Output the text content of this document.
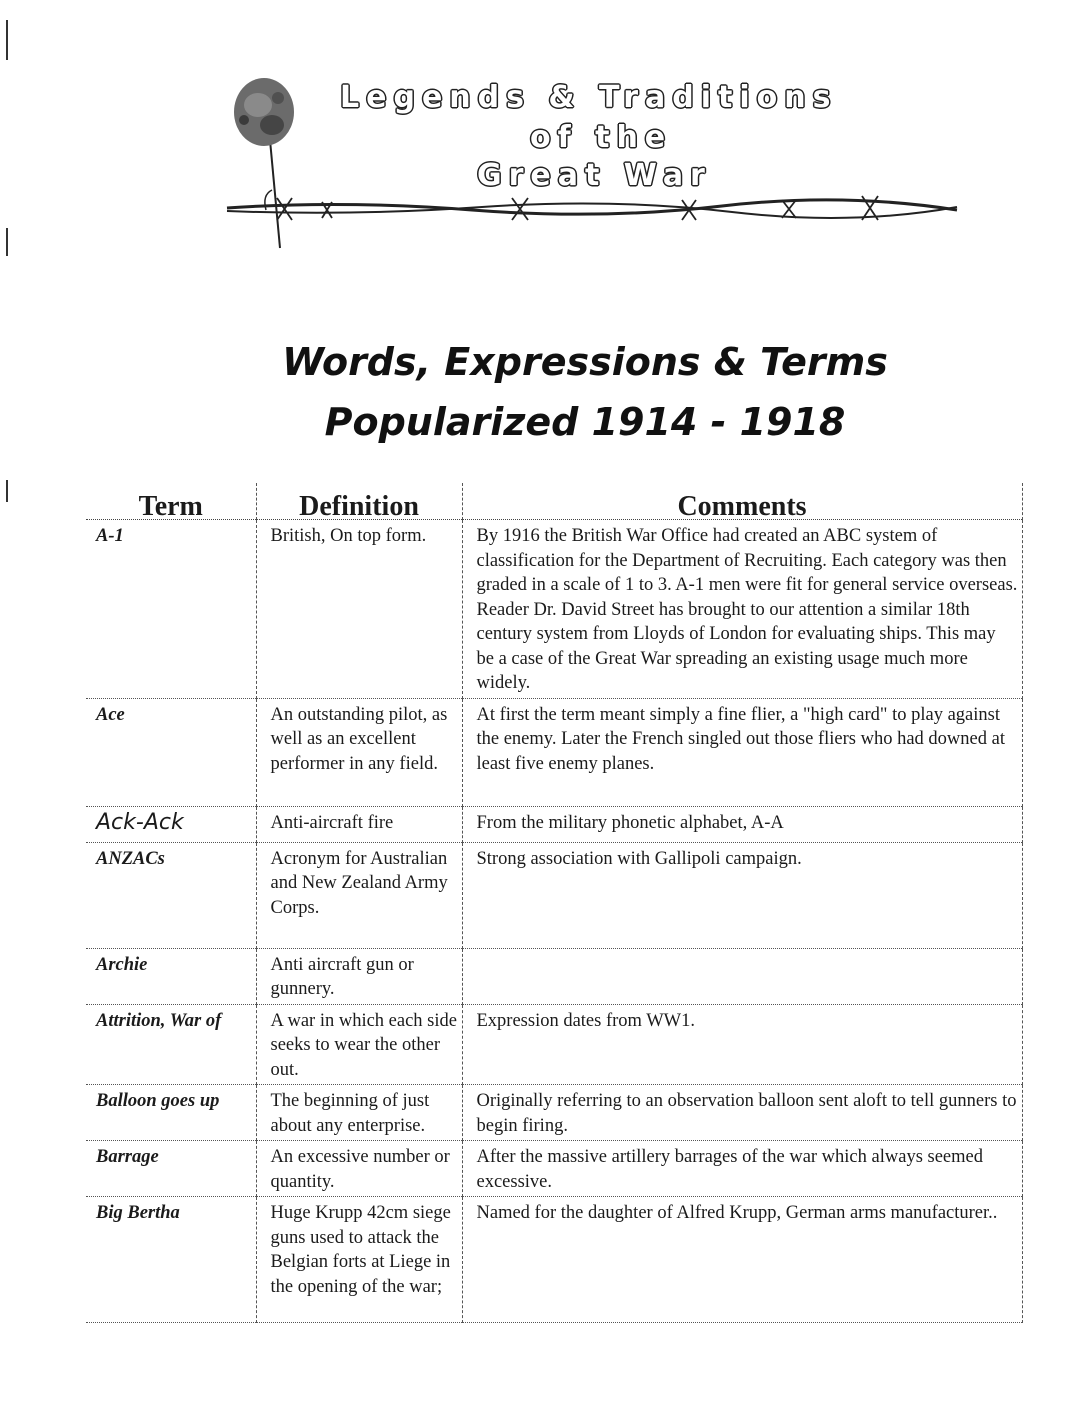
Legends & Traditions
of the
Great War
Words, Expressions & Terms
Popularized 1914 - 1918
Term	Definition	Comments
A-1	British, On top form.	By 1916 the British War Office had created an ABC system of classification for the Department of Recruiting. Each category was then graded in a scale of 1 to 3. A-1 men were fit for general service overseas. Reader Dr. David Street has brought to our attention a similar 18th century system from Lloyds of London for evaluating ships. This may be a case of the Great War spreading an existing usage much more widely.
Ace	An outstanding pilot, as well as an excellent performer in any field.	At first the term meant simply a fine flier, a "high card" to play against the enemy. Later the French singled out those fliers who had downed at least five enemy planes.
Ack-Ack	Anti-aircraft fire	From the military phonetic alphabet, A-A
ANZACs	Acronym for Australian and New Zealand Army Corps.	Strong association with Gallipoli campaign.
Archie	Anti aircraft gun or gunnery.	
Attrition, War of	A war in which each side seeks to wear the other out.	Expression dates from WW1.
Balloon goes up	The beginning of just about any enterprise.	Originally referring to an observation balloon sent aloft to tell gunners to begin firing.
Barrage	An excessive number or quantity.	After the massive artillery barrages of the war which always seemed excessive.
Big Bertha	Huge Krupp 42cm siege guns used to attack the Belgian forts at Liege in the opening of the war;	Named for the daughter of Alfred Krupp, German arms manufacturer..
